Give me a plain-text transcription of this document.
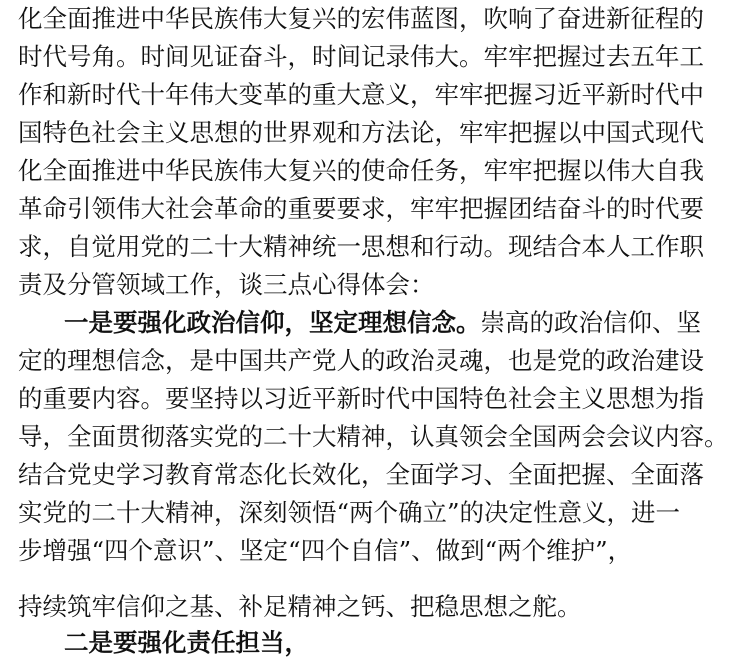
化全面推进中华民族伟大复兴的宏伟蓝图，吹响了奋进新征程的
时代号角。时间见证奋斗，时间记录伟大。牢牢把握过去五年工
作和新时代十年伟大变革的重大意义，牢牢把握习近平新时代中
国特色社会主义思想的世界观和方法论，牢牢把握以中国式现代
化全面推进中华民族伟大复兴的使命任务，牢牢把握以伟大自我
革命引领伟大社会革命的重要要求，牢牢把握团结奋斗的时代要
求，自觉用党的二十大精神统一思想和行动。现结合本人工作职
责及分管领域工作，谈三点心得体会：
一是要强化政治信仰，坚定理想信念。崇高的政治信仰、坚
定的理想信念，是中国共产党人的政治灵魂，也是党的政治建设
的重要内容。要坚持以习近平新时代中国特色社会主义思想为指
导，全面贯彻落实党的二十大精神，认真领会全国两会会议内容。
结合党史学习教育常态化长效化，全面学习、全面把握、全面落
实党的二十大精神，深刻领悟“两个确立”的决定性意义，进一
步增强“四个意识”、坚定“四个自信”、做到“两个维护”，
持续筑牢信仰之基、补足精神之钙、把稳思想之舵。
二是要强化责任担当，
